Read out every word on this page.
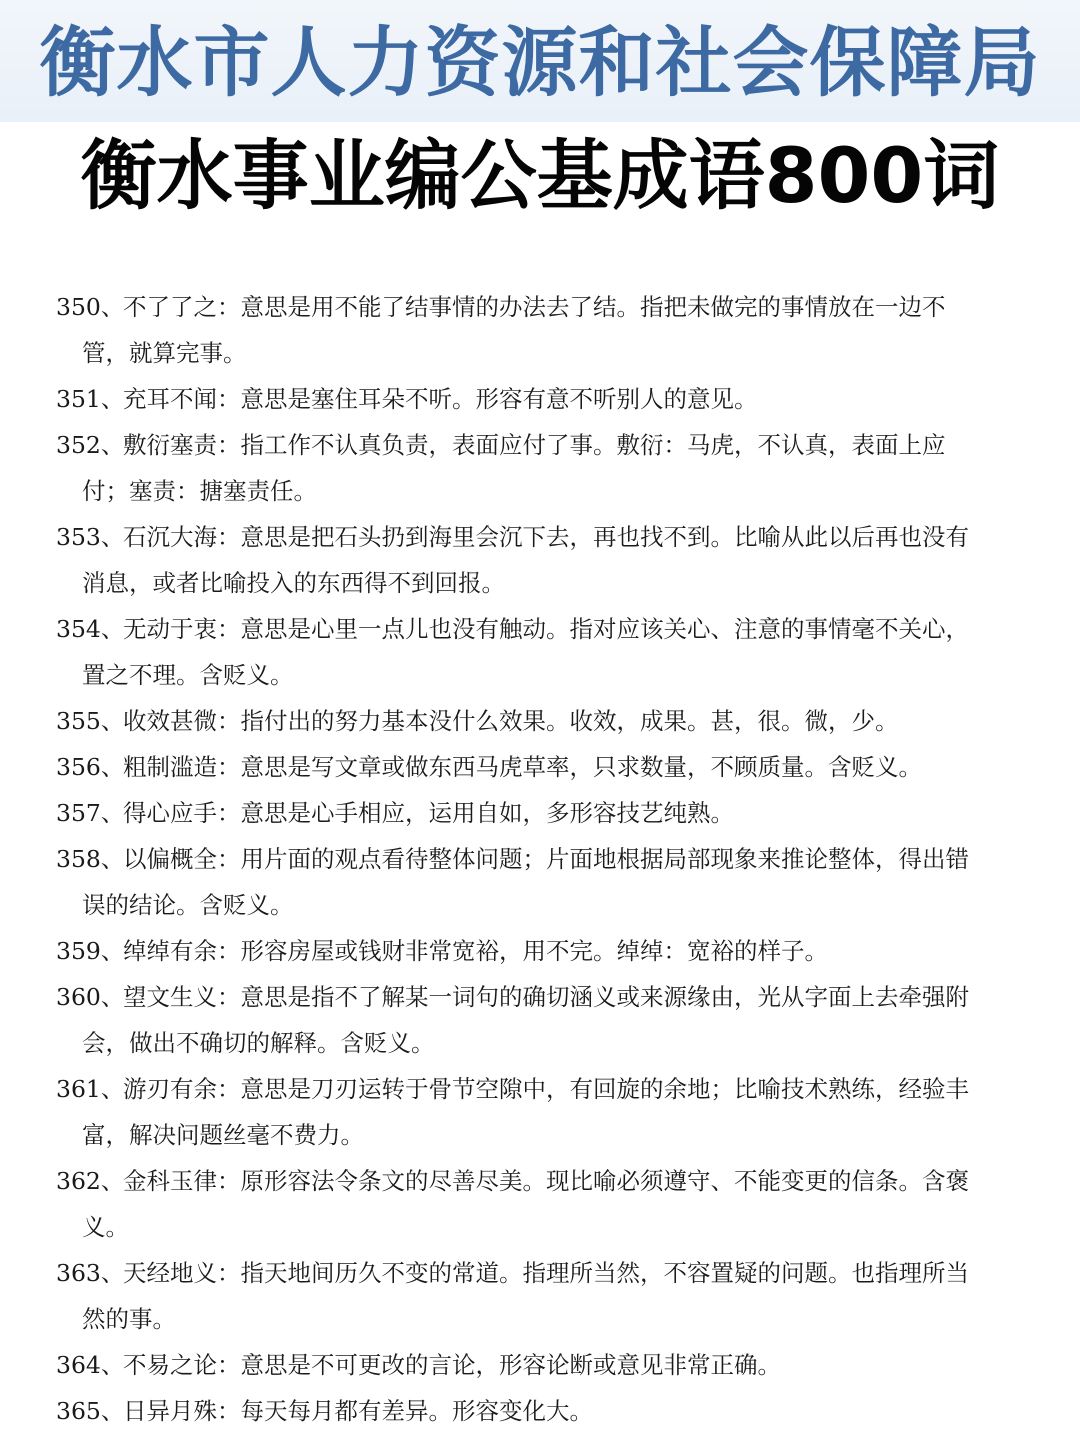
衡水市人力资源和社会保障局
衡水事业编公基成语800词
350、
不了了之：意思是用不能了结事情的办法去了结。指把未做完的事情放在一边不
管，就算完事。
351、
充耳不闻：意思是塞住耳朵不听。形容有意不听别人的意见。
352、
敷衍塞责：指工作不认真负责，表面应付了事。敷衍：马虎，不认真，表面上应
付；塞责：搪塞责任。
353、
石沉大海：意思是把石头扔到海里会沉下去，再也找不到。比喻从此以后再也没有
消息，或者比喻投入的东西得不到回报。
354、
无动于衷：意思是心里一点儿也没有触动。指对应该关心、注意的事情毫不关心，
置之不理。含贬义。
355、
收效甚微：指付出的努力基本没什么效果。收效，成果。甚，很。微，少。
356、
粗制滥造：意思是写文章或做东西马虎草率，只求数量，不顾质量。含贬义。
357、
得心应手：意思是心手相应，运用自如，多形容技艺纯熟。
358、
以偏概全：用片面的观点看待整体问题；片面地根据局部现象来推论整体，得出错
误的结论。含贬义。
359、
绰绰有余：形容房屋或钱财非常宽裕，用不完。绰绰：宽裕的样子。
360、
望文生义：意思是指不了解某一词句的确切涵义或来源缘由，光从字面上去牵强附
会，做出不确切的解释。含贬义。
361、
游刃有余：意思是刀刃运转于骨节空隙中，有回旋的余地；比喻技术熟练，经验丰
富，解决问题丝毫不费力。
362、
金科玉律：原形容法令条文的尽善尽美。现比喻必须遵守、不能变更的信条。含褒
义。
363、
天经地义：指天地间历久不变的常道。指理所当然，不容置疑的问题。也指理所当
然的事。
364、
不易之论：意思是不可更改的言论，形容论断或意见非常正确。
365、
日异月殊：每天每月都有差异。形容变化大。
